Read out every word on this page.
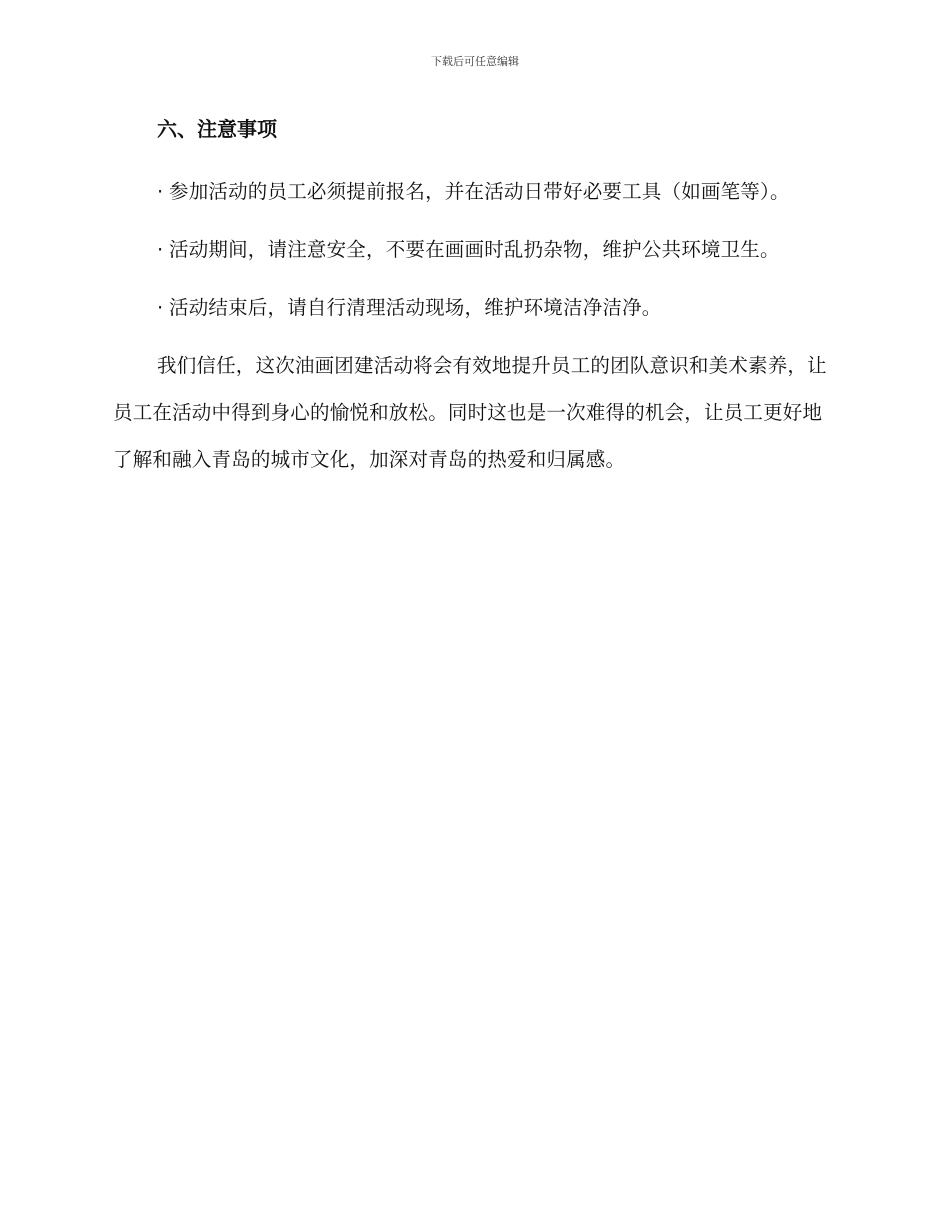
下载后可任意编辑
六、注意事项

· 参加活动的员工必须提前报名，并在活动日带好必要工具（如画笔等）。

· 活动期间，请注意安全，不要在画画时乱扔杂物，维护公共环境卫生。

· 活动结束后，请自行清理活动现场，维护环境洁净洁净。

我们信任，这次油画团建活动将会有效地提升员工的团队意识和美术素养，让员工在活动中得到身心的愉悦和放松。同时这也是一次难得的机会，让员工更好地了解和融入青岛的城市文化，加深对青岛的热爱和归属感。
